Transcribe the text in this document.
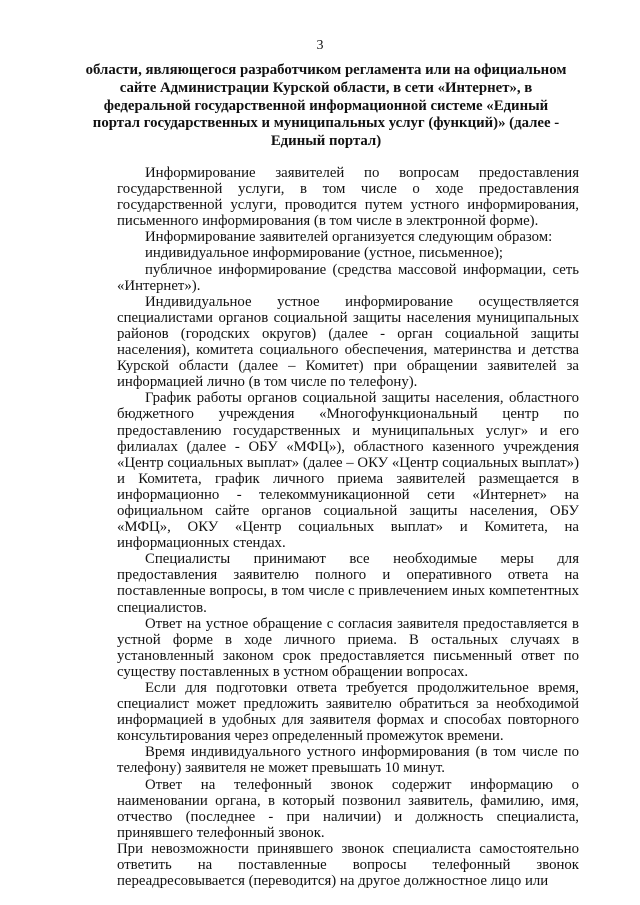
3
области, являющегося разработчиком регламента или на официальном сайте Администрации Курской области, в сети «Интернет», в федеральной государственной информационной системе «Единый портал государственных и муниципальных услуг (функций)» (далее - Единый портал)

Информирование заявителей по вопросам предоставления государственной услуги, в том числе о ходе предоставления государственной услуги, проводится путем устного информирования, письменного информирования (в том числе в электронной форме).

Информирование заявителей организуется следующим образом:

индивидуальное информирование (устное, письменное);

публичное информирование (средства массовой информации, сеть «Интернет»).

Индивидуальное устное информирование осуществляется специалистами органов социальной защиты населения муниципальных районов (городских округов) (далее - орган социальной защиты населения), комитета социального обеспечения, материнства и детства Курской области (далее – Комитет) при обращении заявителей за информацией лично (в том числе по телефону).

График работы органов социальной защиты населения, областного бюджетного учреждения «Многофункциональный центр по предоставлению государственных и муниципальных услуг» и его филиалах (далее - ОБУ «МФЦ»), областного казенного учреждения «Центр социальных выплат» (далее – ОКУ «Центр социальных выплат») и Комитета, график личного приема заявителей размещается в информационно - телекоммуникационной сети «Интернет» на официальном сайте органов социальной защиты населения, ОБУ «МФЦ», ОКУ «Центр социальных выплат» и Комитета, на информационных стендах.

Специалисты принимают все необходимые меры для предоставления заявителю полного и оперативного ответа на поставленные вопросы, в том числе с привлечением иных компетентных специалистов.

Ответ на устное обращение с согласия заявителя предоставляется в устной форме в ходе личного приема. В остальных случаях в установленный законом срок предоставляется письменный ответ по существу поставленных в устном обращении вопросах.

Если для подготовки ответа требуется продолжительное время, специалист может предложить заявителю обратиться за необходимой информацией в удобных для заявителя формах и способах повторного консультирования через определенный промежуток времени.

Время индивидуального устного информирования (в том числе по телефону) заявителя не может превышать 10 минут.

Ответ на телефонный звонок содержит информацию о наименовании органа, в который позвонил заявитель, фамилию, имя, отчество (последнее - при наличии) и должность специалиста, принявшего телефонный звонок.

При невозможности принявшего звонок специалиста самостоятельно ответить на поставленные вопросы телефонный звонок переадресовывается (переводится) на другое должностное лицо или
